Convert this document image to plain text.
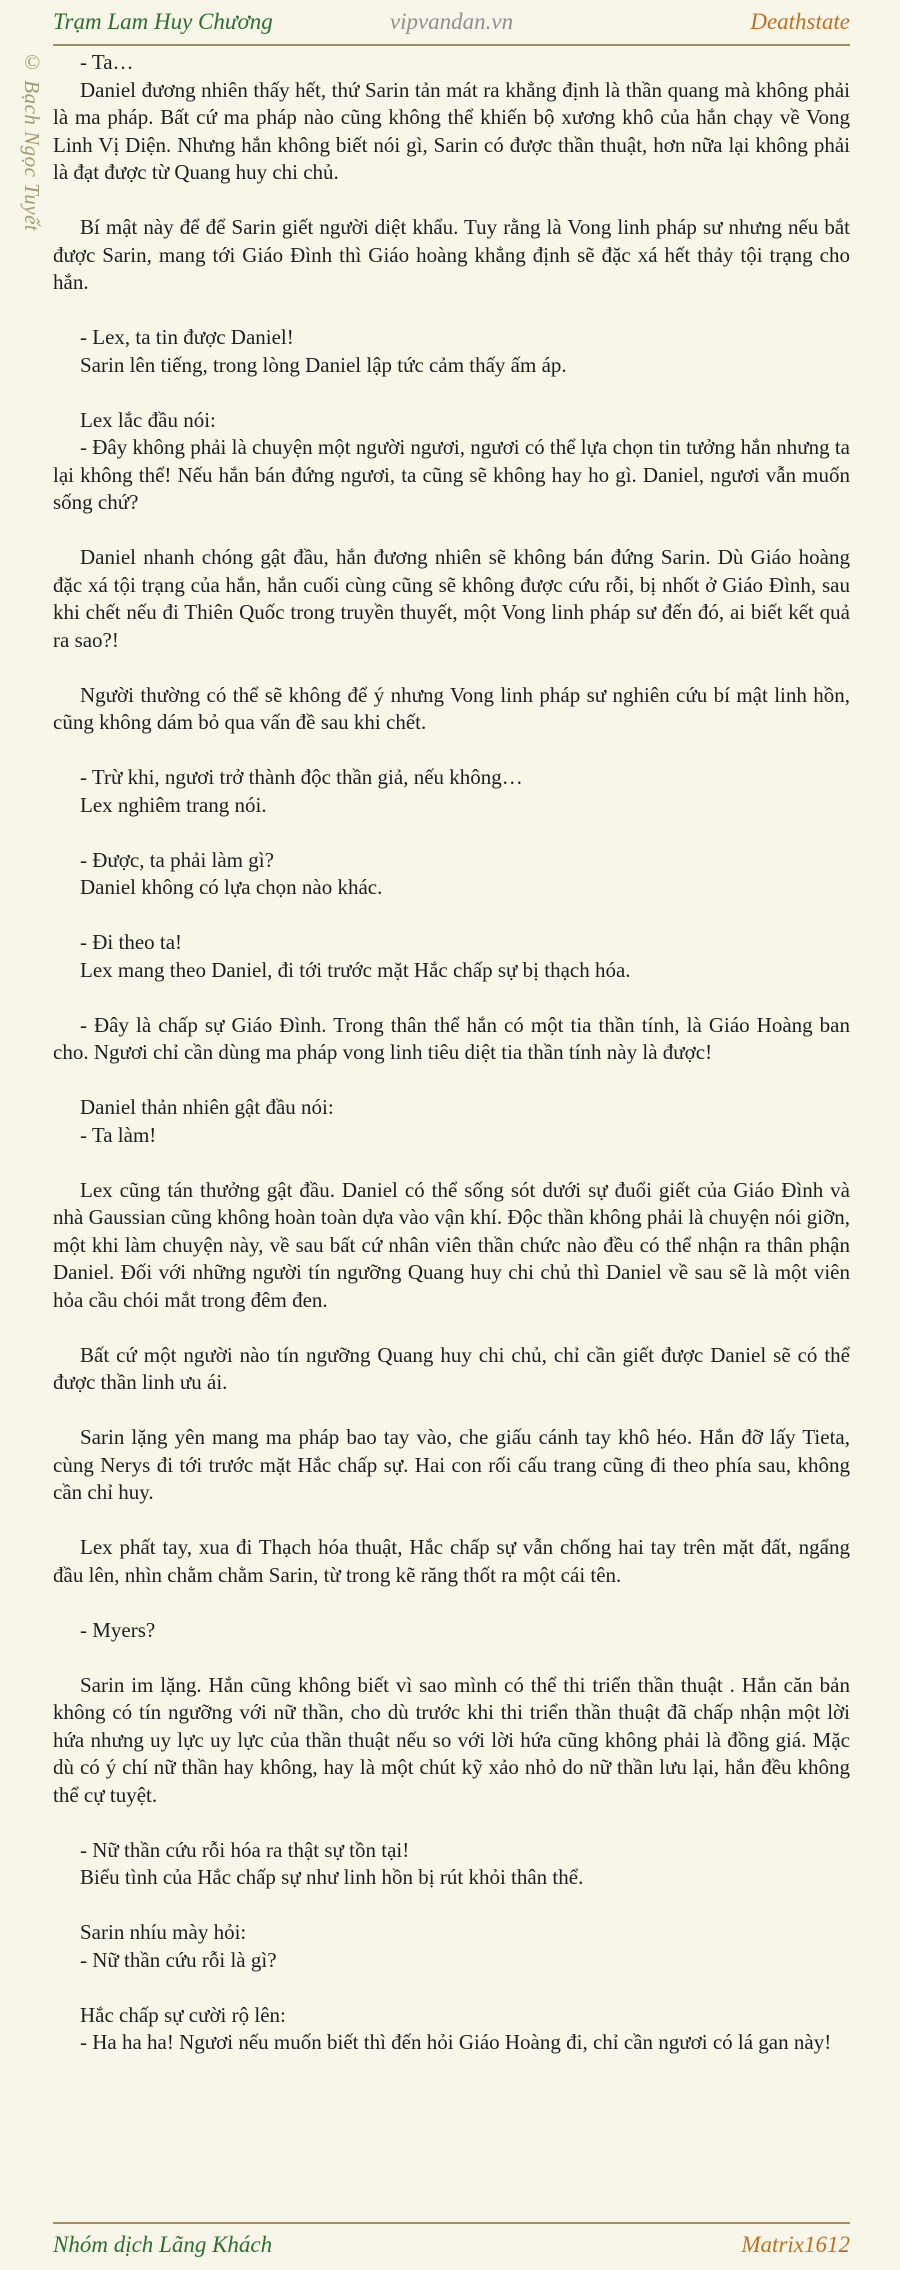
Trạm Lam Huy Chương	vipvandan.vn	Deathstate
© Bạch Ngọc Tuyết	- Ta…
Daniel đương nhiên thấy hết, thứ Sarin tản mát ra khẳng định là thần quang mà không phải là ma pháp. Bất cứ ma pháp nào cũng không thể khiến bộ xương khô của hắn chạy về Vong Linh Vị Diện. Nhưng hắn không biết nói gì, Sarin có được thần thuật, hơn nữa lại không phải là đạt được từ Quang huy chi chủ.
Bí mật này để để Sarin giết người diệt khẩu. Tuy rằng là Vong linh pháp sư nhưng nếu bắt được Sarin, mang tới Giáo Đình thì Giáo hoàng khẳng định sẽ đặc xá hết thảy tội trạng cho hắn.
- Lex, ta tin được Daniel!
Sarin lên tiếng, trong lòng Daniel lập tức cảm thấy ấm áp.
Lex lắc đầu nói:
- Đây không phải là chuyện một người ngươi, ngươi có thể lựa chọn tin tưởng hắn nhưng ta lại không thể! Nếu hắn bán đứng ngươi, ta cũng sẽ không hay ho gì. Daniel, ngươi vẫn muốn sống chứ?
Daniel nhanh chóng gật đầu, hắn đương nhiên sẽ không bán đứng Sarin. Dù Giáo hoàng đặc xá tội trạng của hắn, hắn cuối cùng cũng sẽ không được cứu rỗi, bị nhốt ở Giáo Đình, sau khi chết nếu đi Thiên Quốc trong truyền thuyết, một Vong linh pháp sư đến đó, ai biết kết quả ra sao?!
Người thường có thể sẽ không để ý nhưng Vong linh pháp sư nghiên cứu bí mật linh hồn, cũng không dám bỏ qua vấn đề sau khi chết.
- Trừ khi, ngươi trở thành độc thần giả, nếu không…
Lex nghiêm trang nói.
- Được, ta phải làm gì?
Daniel không có lựa chọn nào khác.
- Đi theo ta!
Lex mang theo Daniel, đi tới trước mặt Hắc chấp sự bị thạch hóa.
- Đây là chấp sự Giáo Đình. Trong thân thể hắn có một tia thần tính, là Giáo Hoàng ban cho. Ngươi chỉ cần dùng ma pháp vong linh tiêu diệt tia thần tính này là được!
Daniel thản nhiên gật đầu nói:
- Ta làm!
Lex cũng tán thưởng gật đầu. Daniel có thể sống sót dưới sự đuổi giết của Giáo Đình và nhà Gaussian cũng không hoàn toàn dựa vào vận khí. Độc thần không phải là chuyện nói giỡn, một khi làm chuyện này, về sau bất cứ nhân viên thần chức nào đều có thể nhận ra thân phận Daniel. Đối với những người tín ngưỡng Quang huy chi chủ thì Daniel về sau sẽ là một viên hỏa cầu chói mắt trong đêm đen.
Bất cứ một người nào tín ngưỡng Quang huy chi chủ, chỉ cần giết được Daniel sẽ có thể được thần linh ưu ái.
Sarin lặng yên mang ma pháp bao tay vào, che giấu cánh tay khô héo. Hắn đỡ lấy Tieta, cùng Nerys đi tới trước mặt Hắc chấp sự. Hai con rối cấu trang cũng đi theo phía sau, không cần chỉ huy.
Lex phất tay, xua đi Thạch hóa thuật, Hắc chấp sự vẫn chống hai tay trên mặt đất, ngẩng đầu lên, nhìn chằm chằm Sarin, từ trong kẽ răng thốt ra một cái tên.
- Myers?
Sarin im lặng. Hắn cũng không biết vì sao mình có thể thi triển thần thuật . Hắn căn bản không có tín ngưỡng với nữ thần, cho dù trước khi thi triển thần thuật đã chấp nhận một lời hứa nhưng uy lực uy lực của thần thuật nếu so với lời hứa cũng không phải là đồng giá. Mặc dù có ý chí nữ thần hay không, hay là một chút kỹ xảo nhỏ do nữ thần lưu lại, hắn đều không thể cự tuyệt.
- Nữ thần cứu rỗi hóa ra thật sự tồn tại!
Biểu tình của Hắc chấp sự như linh hồn bị rút khỏi thân thể.
Sarin nhíu mày hỏi:
- Nữ thần cứu rỗi là gì?
Hắc chấp sự cười rộ lên:
- Ha ha ha! Ngươi nếu muốn biết thì đến hỏi Giáo Hoàng đi, chỉ cần ngươi có lá gan này!
Nhóm dịch Lãng Khách	Matrix1612
